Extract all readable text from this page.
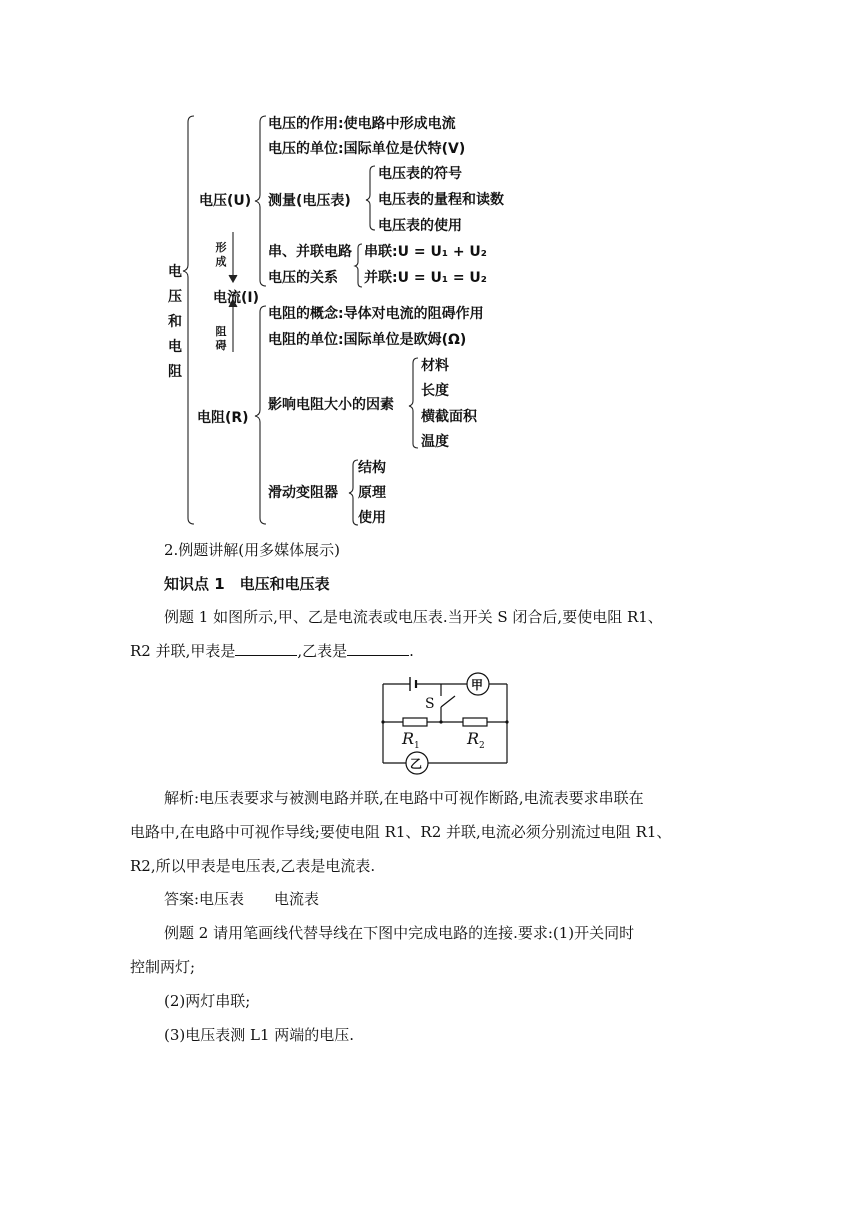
电压和电阻
电压(U)
形成
电流(I)
阻碍
电阻(R)
电压的作用:使电路中形成电流
电压的单位:国际单位是伏特(V)
测量(电压表)
串、并联电路
电压的关系
电压表的符号
电压表的量程和读数
电压表的使用
串联:U = U₁ + U₂
并联:U = U₁ = U₂
电阻的概念:导体对电流的阻碍作用
电阻的单位:国际单位是欧姆(Ω)
影响电阻大小的因素
滑动变阻器
材料
长度
横截面积
温度
结构
原理
使用
2.例题讲解(用多媒体展示)
知识点 1　电压和电压表
例题 1 如图所示,甲、乙是电流表或电压表.当开关 S 闭合后,要使电阻 R1、
R2 并联,甲表是	,乙表是	.
S
甲
乙
$R_1$	$R_2$
解析:电压表要求与被测电路并联,在电路中可视作断路,电流表要求串联在
电路中,在电路中可视作导线;要使电阻 R1、R2 并联,电流必须分别流过电阻 R1、
R2,所以甲表是电压表,乙表是电流表.
答案:电压表　　电流表
例题 2 请用笔画线代替导线在下图中完成电路的连接.要求:(1)开关同时
控制两灯;
(2)两灯串联;
(3)电压表测 L1 两端的电压.
